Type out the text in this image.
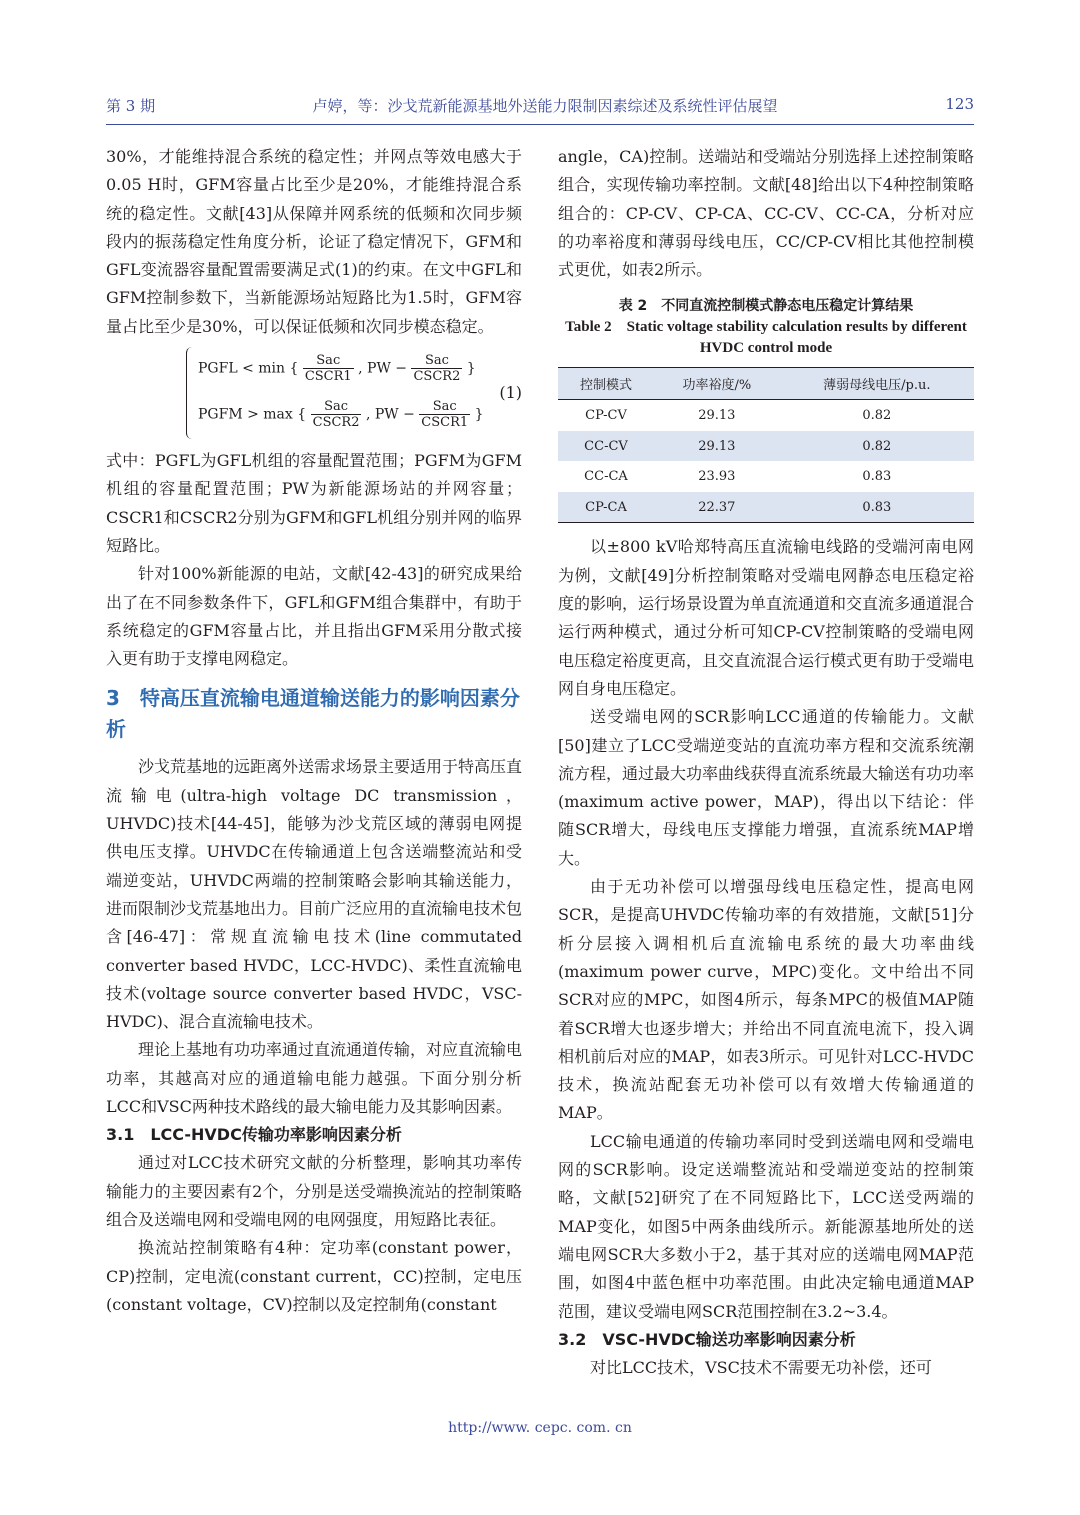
第 3 期	卢婷，等：沙戈荒新能源基地外送能力限制因素综述及系统性评估展望	123

30%，才能维持混合系统的稳定性；并网点等效电感大于0.05 H时，GFM容量占比至少是20%，才能维持混合系统的稳定性。文献[43]从保障并网系统的低频和次同步频段内的振荡稳定性角度分析，论证了稳定情况下，GFM和GFL变流器容量配置需要满足式(1)的约束。在文中GFL和GFM控制参数下，当新能源场站短路比为1.5时，GFM容量占比至少是30%，可以保证低频和次同步模态稳定。

PGFL < min { $\frac{\text{Sac}}{\text{CSCR1}}$ , PW − $\frac{\text{Sac}}{\text{CSCR2}}$ }
PGFM > max { $\frac{\text{Sac}}{\text{CSCR2}}$ , PW − $\frac{\text{Sac}}{\text{CSCR1}}$ }
(1)

式中：PGFL为GFL机组的容量配置范围；PGFM为GFM机组的容量配置范围；PW为新能源场站的并网容量；CSCR1和CSCR2分别为GFM和GFL机组分别并网的临界短路比。

针对100%新能源的电站，文献[42-43]的研究成果给出了在不同参数条件下，GFL和GFM组合集群中，有助于系统稳定的GFM容量占比，并且指出GFM采用分散式接入更有助于支撑电网稳定。

3　特高压直流输电通道输送能力的影响因素分析

沙戈荒基地的远距离外送需求场景主要适用于特高压直流输电(ultra-high voltage DC transmission，UHVDC)技术[44-45]，能够为沙戈荒区域的薄弱电网提供电压支撑。UHVDC在传输通道上包含送端整流站和受端逆变站，UHVDC两端的控制策略会影响其输送能力，进而限制沙戈荒基地出力。目前广泛应用的直流输电技术包含[46-47]：常规直流输电技术(line commutated converter based HVDC，LCC-HVDC)、柔性直流输电技术(voltage source converter based HVDC，VSC-HVDC)、混合直流输电技术。

理论上基地有功功率通过直流通道传输，对应直流输电功率，其越高对应的通道输电能力越强。下面分别分析LCC和VSC两种技术路线的最大输电能力及其影响因素。

3.1　LCC-HVDC传输功率影响因素分析

通过对LCC技术研究文献的分析整理，影响其功率传输能力的主要因素有2个，分别是送受端换流站的控制策略组合及送端电网和受端电网的电网强度，用短路比表征。

换流站控制策略有4种：定功率(constant power，CP)控制，定电流(constant current，CC)控制，定电压(constant voltage，CV)控制以及定控制角(constant

angle，CA)控制。送端站和受端站分别选择上述控制策略组合，实现传输功率控制。文献[48]给出以下4种控制策略组合的：CP-CV、CP-CA、CC-CV、CC-CA，分析对应的功率裕度和薄弱母线电压，CC/CP-CV相比其他控制模式更优，如表2所示。

表 2　不同直流控制模式静态电压稳定计算结果
Table 2　Static voltage stability calculation results by different HVDC control mode
控制模式	功率裕度/%	薄弱母线电压/p.u.
CP-CV	29.13	0.82
CC-CV	29.13	0.82
CC-CA	23.93	0.83
CP-CA	22.37	0.83

以±800 kV哈郑特高压直流输电线路的受端河南电网为例，文献[49]分析控制策略对受端电网静态电压稳定裕度的影响，运行场景设置为单直流通道和交直流多通道混合运行两种模式，通过分析可知CP-CV控制策略的受端电网电压稳定裕度更高，且交直流混合运行模式更有助于受端电网自身电压稳定。

送受端电网的SCR影响LCC通道的传输能力。文献[50]建立了LCC受端逆变站的直流功率方程和交流系统潮流方程，通过最大功率曲线获得直流系统最大输送有功功率(maximum active power，MAP)，得出以下结论：伴随SCR增大，母线电压支撑能力增强，直流系统MAP增大。

由于无功补偿可以增强母线电压稳定性，提高电网SCR，是提高UHVDC传输功率的有效措施，文献[51]分析分层接入调相机后直流输电系统的最大功率曲线(maximum power curve，MPC)变化。文中给出不同SCR对应的MPC，如图4所示，每条MPC的极值MAP随着SCR增大也逐步增大；并给出不同直流电流下，投入调相机前后对应的MAP，如表3所示。可见针对LCC-HVDC技术，换流站配套无功补偿可以有效增大传输通道的MAP。

LCC输电通道的传输功率同时受到送端电网和受端电网的SCR影响。设定送端整流站和受端逆变站的控制策略，文献[52]研究了在不同短路比下，LCC送受两端的MAP变化，如图5中两条曲线所示。新能源基地所处的送端电网SCR大多数小于2，基于其对应的送端电网MAP范围，如图4中蓝色框中功率范围。由此决定输电通道MAP范围，建议受端电网SCR范围控制在3.2~3.4。

3.2　VSC-HVDC输送功率影响因素分析

对比LCC技术，VSC技术不需要无功补偿，还可

http://www. cepc. com. cn
